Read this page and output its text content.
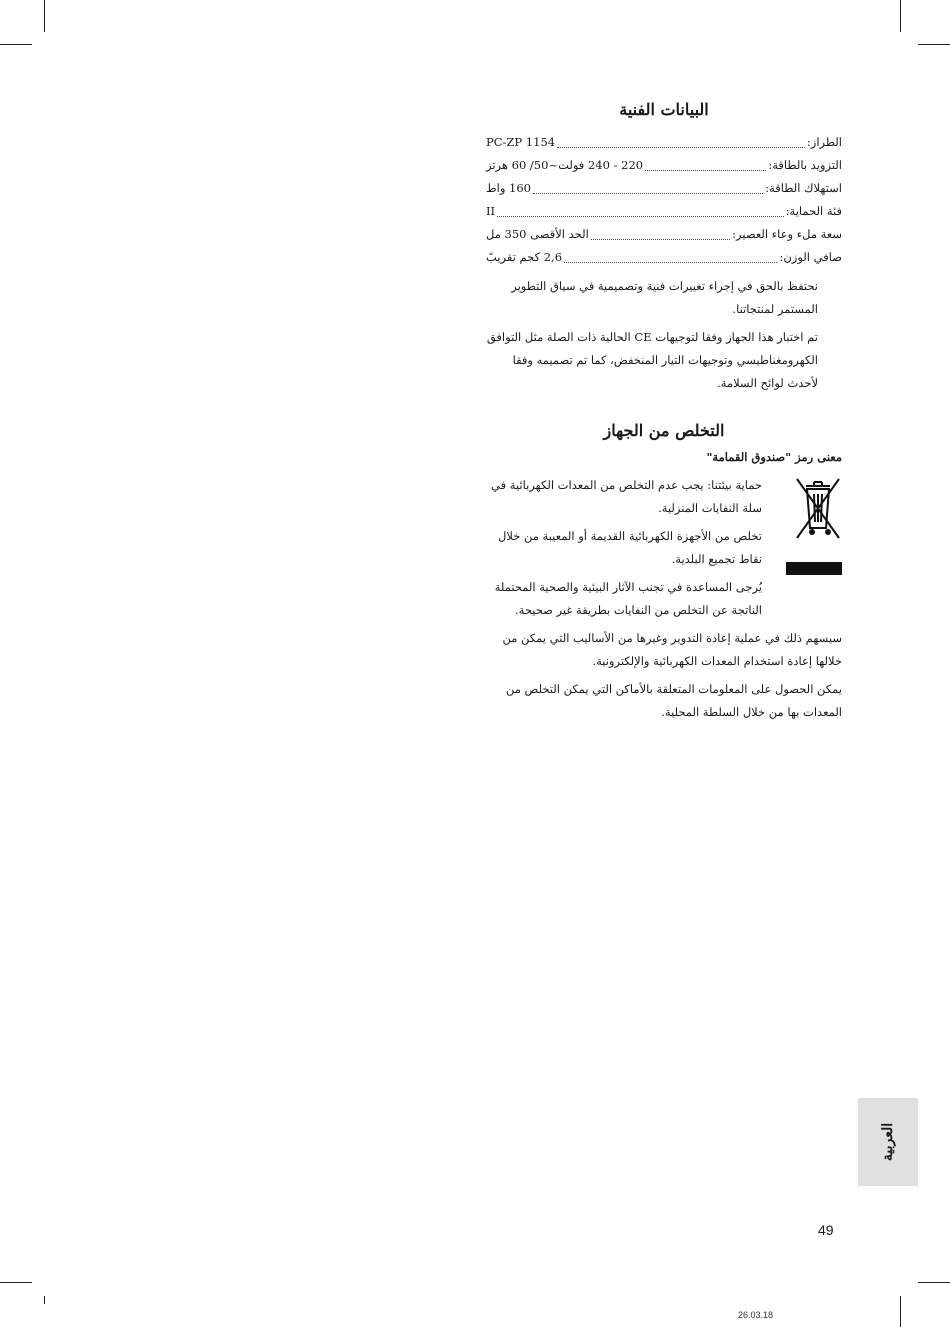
البيانات الفنية
الطراز:
PC-ZP 1154
التزويد بالطاقة:
220 - 240 فولت~50/ 60 هرتز
استهلاك الطاقة:
160 واط
فئة الحماية:
II
سعة ملء وعاء العصير:
الحد الأقصى 350 مل
صافي الوزن:
2,6 كجم تقريبً

نحتفظ بالحق في إجراء تغييرات فنية وتصميمية في سياق التطوير المستمر لمنتجاتنا.

تم اختبار هذا الجهاز وفقا لتوجيهات CE الحالية ذات الصلة مثل التوافق الكهرومغناطيسي وتوجيهات التيار المنخفض، كما تم تصميمه وفقا لأحدث لوائح السلامة.

التخلص من الجهاز
معنى رمز "صندوق القمامة"

حماية بيئتنا: يجب عدم التخلص من المعدات الكهربائية في سلة النفايات المنزلية.

تخلص من الأجهزة الكهربائية القديمة أو المعيبة من خلال نقاط تجميع البلدية.

يُرجى المساعدة في تجنب الآثار البيئية والصحية المحتملة الناتجة عن التخلص من النفايات بطريقة غير صحيحة.

سيسهم ذلك في عملية إعادة التدوير وغيرها من الأساليب التي يمكن من خلالها إعادة استخدام المعدات الكهربائية والإلكترونية.

يمكن الحصول على المعلومات المتعلقة بالأماكن التي يمكن التخلص من المعدات بها من خلال السلطة المحلية.

العربية
49
26.03.18
